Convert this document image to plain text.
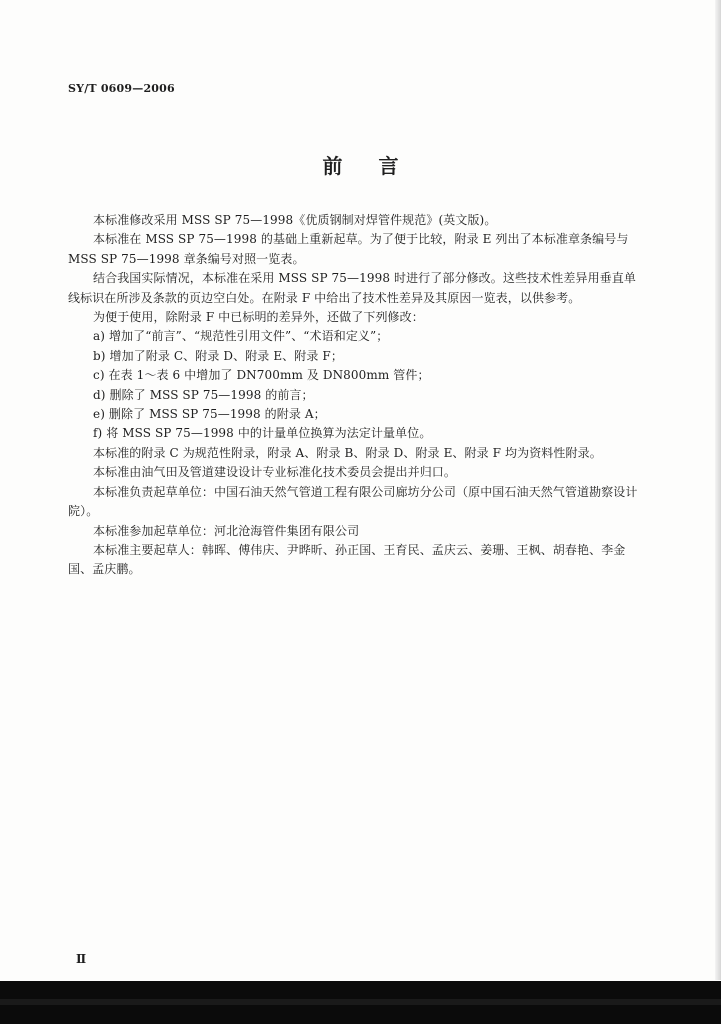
SY/T 0609—2006
前言

本标准修改采用 MSS SP 75—1998《优质钢制对焊管件规范》(英文版)。

本标准在 MSS SP 75—1998 的基础上重新起草。为了便于比较，附录 E 列出了本标准章条编号与 MSS SP 75—1998 章条编号对照一览表。

结合我国实际情况，本标准在采用 MSS SP 75—1998 时进行了部分修改。这些技术性差异用垂直单线标识在所涉及条款的页边空白处。在附录 F 中给出了技术性差异及其原因一览表，以供参考。

为便于使用，除附录 F 中已标明的差异外，还做了下列修改：

a) 增加了“前言”、“规范性引用文件”、“术语和定义”；

b) 增加了附录 C、附录 D、附录 E、附录 F；

c) 在表 1～表 6 中增加了 DN700mm 及 DN800mm 管件；

d) 删除了 MSS SP 75—1998 的前言；

e) 删除了 MSS SP 75—1998 的附录 A；

f) 将 MSS SP 75—1998 中的计量单位换算为法定计量单位。

本标准的附录 C 为规范性附录，附录 A、附录 B、附录 D、附录 E、附录 F 均为资料性附录。

本标准由油气田及管道建设设计专业标准化技术委员会提出并归口。

本标准负责起草单位：中国石油天然气管道工程有限公司廊坊分公司（原中国石油天然气管道勘察设计院）。

本标准参加起草单位：河北沧海管件集团有限公司

本标准主要起草人：韩晖、傅伟庆、尹晔昕、孙正国、王育民、孟庆云、姜珊、王枫、胡春艳、李金国、孟庆鹏。

Ⅱ
